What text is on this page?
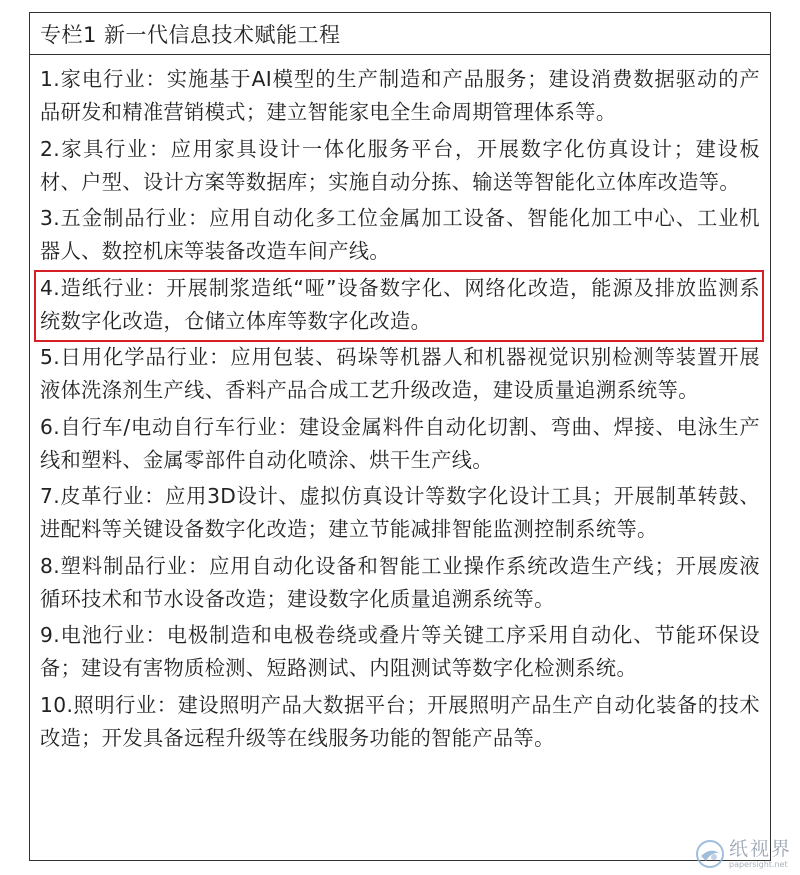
专栏1 新一代信息技术赋能工程

1.家电行业：实施基于AI模型的生产制造和产品服务；建设消费数据驱动的产品研发和精准营销模式；建立智能家电全生命周期管理体系等。

2.家具行业：应用家具设计一体化服务平台，开展数字化仿真设计；建设板材、户型、设计方案等数据库；实施自动分拣、输送等智能化立体库改造等。

3.五金制品行业：应用自动化多工位金属加工设备、智能化加工中心、工业机器人、数控机床等装备改造车间产线。

4.造纸行业：开展制浆造纸“哑”设备数字化、网络化改造，能源及排放监测系统数字化改造，仓储立体库等数字化改造。

5.日用化学品行业：应用包装、码垛等机器人和机器视觉识别检测等装置开展液体洗涤剂生产线、香料产品合成工艺升级改造，建设质量追溯系统等。

6.自行车/电动自行车行业：建设金属料件自动化切割、弯曲、焊接、电泳生产线和塑料、金属零部件自动化喷涂、烘干生产线。

7.皮革行业：应用3D设计、虚拟仿真设计等数字化设计工具；开展制革转鼓、进配料等关键设备数字化改造；建立节能减排智能监测控制系统等。

8.塑料制品行业：应用自动化设备和智能工业操作系统改造生产线；开展废液循环技术和节水设备改造；建设数字化质量追溯系统等。

9.电池行业：电极制造和电极卷绕或叠片等关键工序采用自动化、节能环保设备；建设有害物质检测、短路测试、内阻测试等数字化检测系统。

10.照明行业：建设照明产品大数据平台；开展照明产品生产自动化装备的技术改造；开发具备远程升级等在线服务功能的智能产品等。

纸视界
papersight.net
